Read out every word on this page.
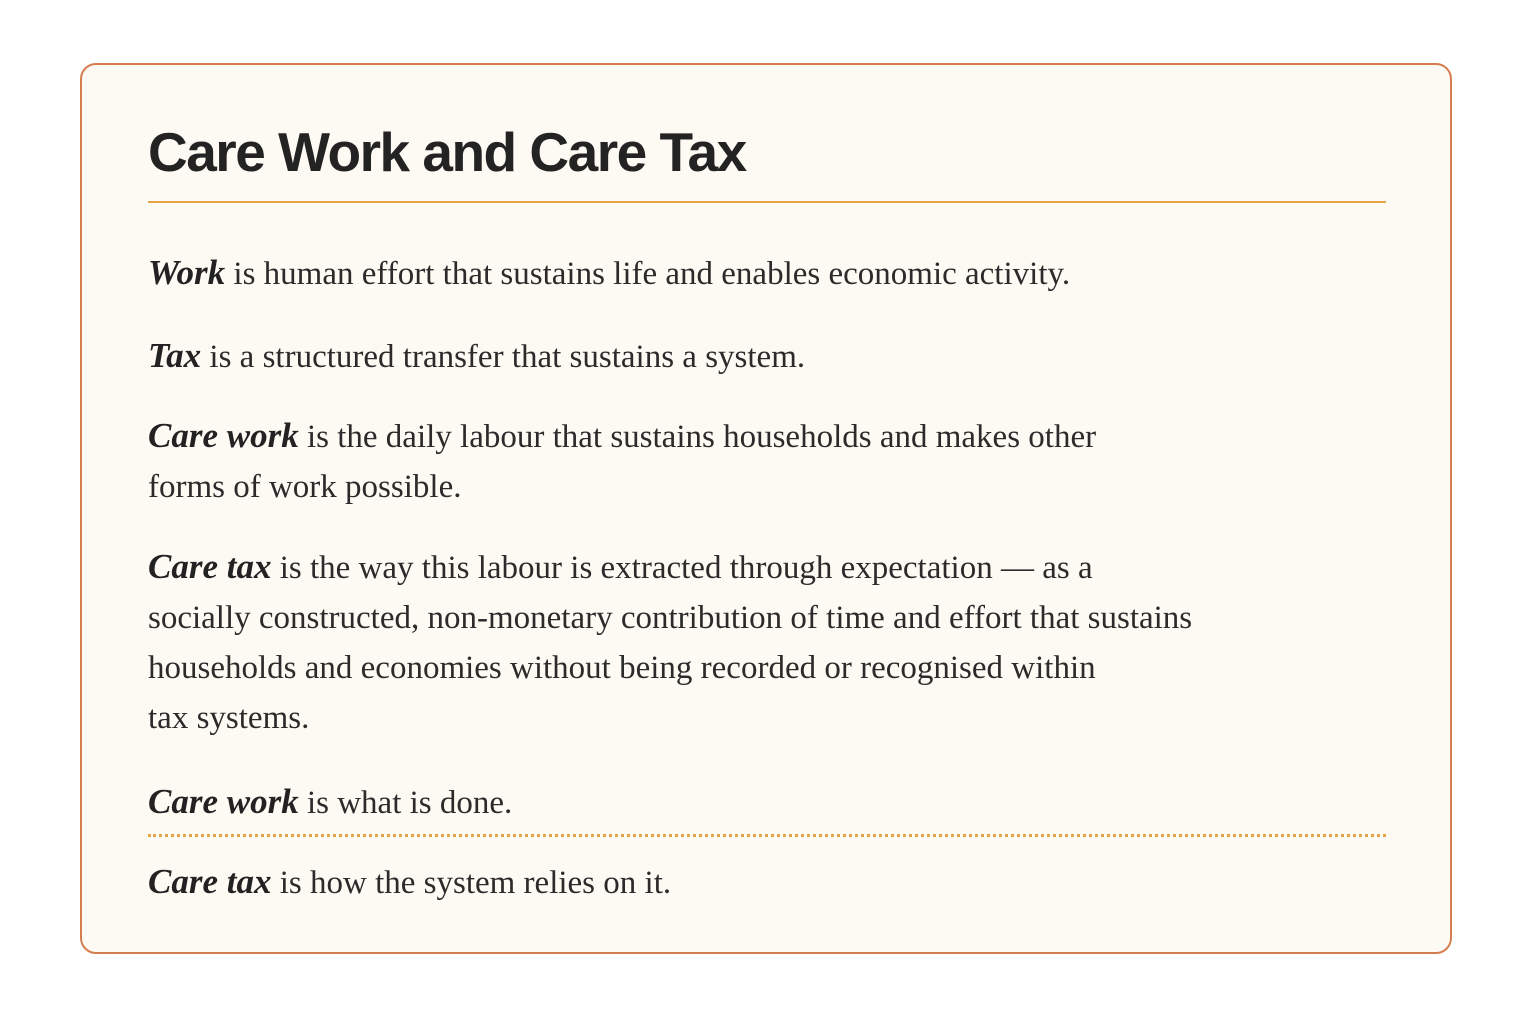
Care Work and Care Tax

Work is human effort that sustains life and enables economic activity.

Tax is a structured transfer that sustains a system.

Care work is the daily labour that sustains households and makes other
forms of work possible.

Care tax is the way this labour is extracted through expectation — as a
socially constructed, non-monetary contribution of time and effort that sustains
households and economies without being recorded or recognised within
tax systems.

Care work is what is done.

Care tax is how the system relies on it.
